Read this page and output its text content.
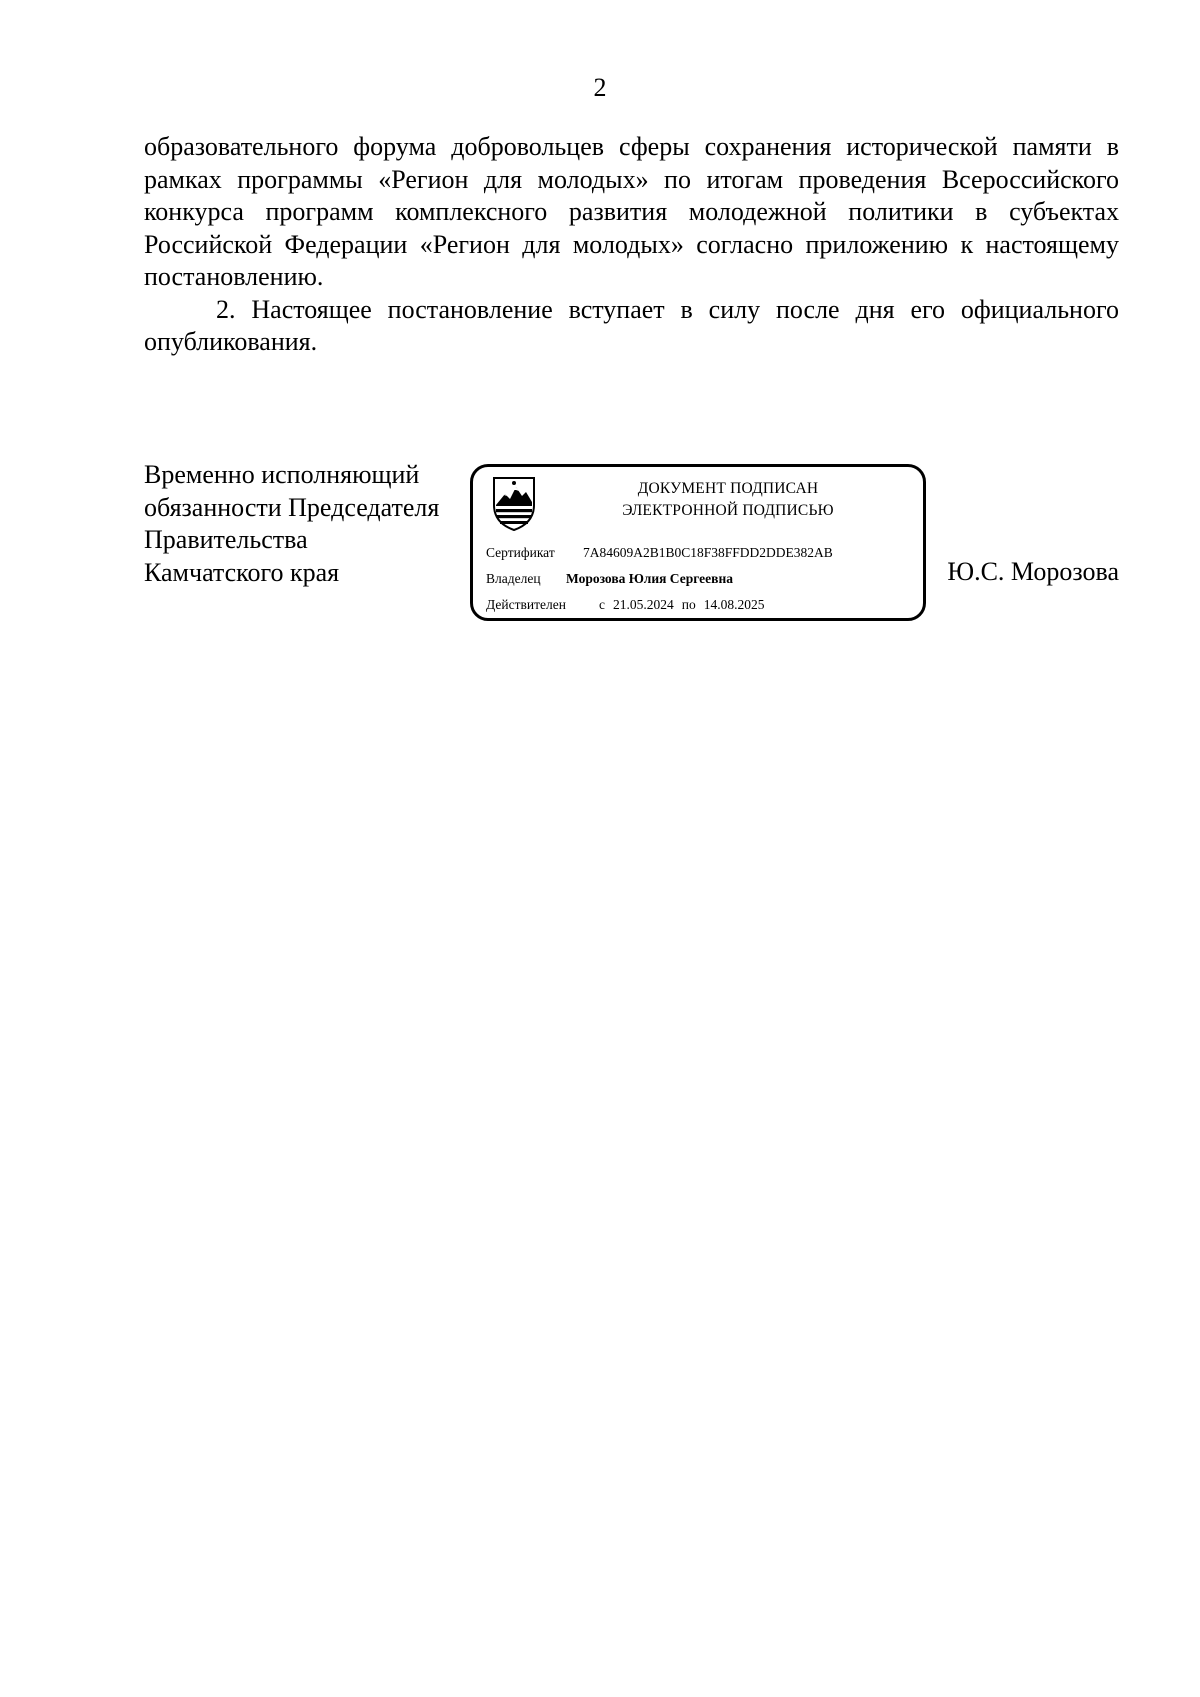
2

образовательного форума добровольцев сферы сохранения исторической памяти в рамках программы «Регион для молодых» по итогам проведения Всероссийского конкурса программ комплексного развития молодежной политики в субъектах Российской Федерации «Регион для молодых» согласно приложению к настоящему постановлению.

2. Настоящее постановление вступает в силу после дня его официального опубликования.

Временно исполняющий
обязанности Председателя
Правительства
Камчатского края
ДОКУМЕНТ ПОДПИСАН
ЭЛЕКТРОННОЙ ПОДПИСЬЮ
Сертификат 7A84609A2B1B0C18F38FFDD2DDE382AB
Владелец Морозова Юлия Сергеевна
Действителен с 21.05.2024 по 14.08.2025
Ю.С. Морозова
